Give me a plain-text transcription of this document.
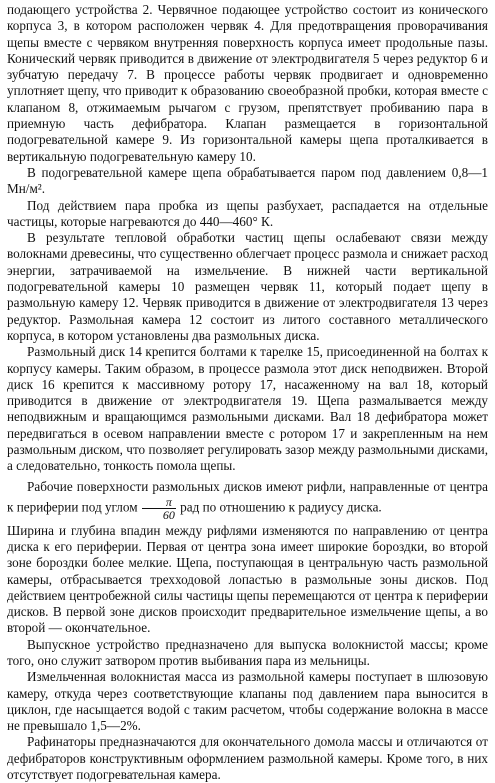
подающего устройства 2. Червячное подающее устройство состоит из конического корпуса 3, в котором расположен червяк 4. Для предотвращения проворачивания щепы вместе с червяком внутренняя поверхность корпуса имеет продольные пазы. Конический червяк приводится в движение от электродвигателя 5 через редуктор 6 и зубчатую передачу 7. В процессе работы червяк продвигает и одновременно уплотняет щепу, что приводит к образованию своеобразной пробки, которая вместе с клапаном 8, отжимаемым рычагом с грузом, препятствует пробиванию пара в приемную часть дефибратора. Клапан размещается в горизонтальной подогревательной камере 9. Из горизонтальной камеры щепа проталкивается в вертикальную подогревательную камеру 10.

В подогревательной камере щепа обрабатывается паром под давлением 0,8—1 Мн/м².

Под действием пара пробка из щепы разбухает, распадается на отдельные частицы, которые нагреваются до 440—460° К.

В результате тепловой обработки частиц щепы ослабевают связи между волокнами древесины, что существенно облегчает процесс размола и снижает расход энергии, затрачиваемой на измельчение. В нижней части вертикальной подогревательной камеры 10 размещен червяк 11, который подает щепу в размольную камеру 12. Червяк приводится в движение от электродвигателя 13 через редуктор. Размольная камера 12 состоит из литого составного металлического корпуса, в котором установлены два размольных диска.

Размольный диск 14 крепится болтами к тарелке 15, присоединенной на болтах к корпусу камеры. Таким образом, в процессе размола этот диск неподвижен. Второй диск 16 крепится к массивному ротору 17, насаженному на вал 18, который приводится в движение от электродвигателя 19. Щепа размалывается между неподвижным и вращающимся размольными дисками. Вал 18 дефибратора может передвигаться в осевом направлении вместе с ротором 17 и закрепленным на нем размольным диском, что позволяет регулировать зазор между размольными дисками, а следовательно, тонкость помола щепы.

Рабочие поверхности размольных дисков имеют рифли, направленные от центра к периферии под углом $\frac{\pi}{60}$ рад по отношению к радиусу диска.

Ширина и глубина впадин между рифлями изменяются по направлению от центра диска к его периферии. Первая от центра зона имеет широкие бороздки, во второй зоне бороздки более мелкие. Щепа, поступающая в центральную часть размольной камеры, отбрасывается трехходовой лопастью в размольные зоны дисков. Под действием центробежной силы частицы щепы перемещаются от центра к периферии дисков. В первой зоне дисков происходит предварительное измельчение щепы, а во второй — окончательное.

Выпускное устройство предназначено для выпуска волокнистой массы; кроме того, оно служит затвором против выбивания пара из мельницы.

Измельченная волокнистая масса из размольной камеры поступает в шлюзовую камеру, откуда через соответствующие клапаны под давлением пара выносится в циклон, где насыщается водой с таким расчетом, чтобы содержание волокна в массе не превышало 1,5—2%.

Рафинаторы предназначаются для окончательного домола массы и отличаются от дефибраторов конструктивным оформлением размольной камеры. Кроме того, в них отсутствует подогревательная камера.
